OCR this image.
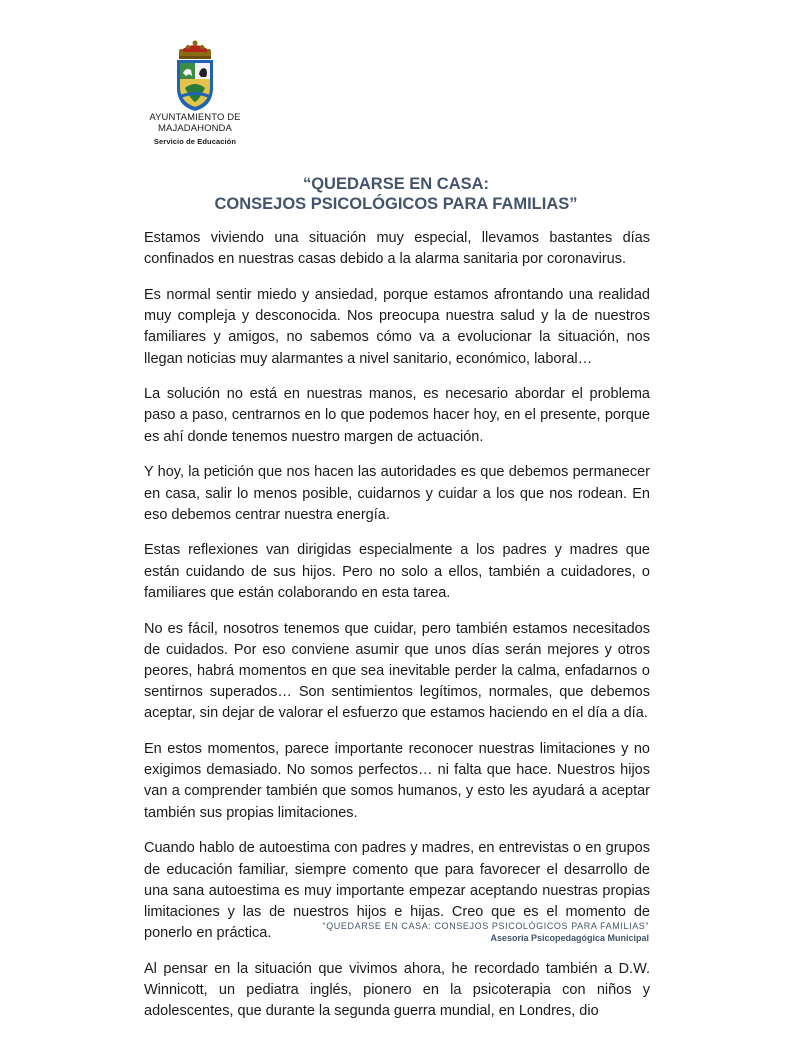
AYUNTAMIENTO DE
MAJADAHONDA
Servicio de Educación
“QUEDARSE EN CASA:
CONSEJOS PSICOLÓGICOS PARA FAMILIAS”

Estamos viviendo una situación muy especial, llevamos bastantes días confinados en nuestras casas debido a la alarma sanitaria por coronavirus.

Es normal sentir miedo y ansiedad, porque estamos afrontando una realidad muy compleja y desconocida. Nos preocupa nuestra salud y la de nuestros familiares y amigos, no sabemos cómo va a evolucionar la situación, nos llegan noticias muy alarmantes a nivel sanitario, económico, laboral…

La solución no está en nuestras manos, es necesario abordar el problema paso a paso, centrarnos en lo que podemos hacer hoy, en el presente, porque es ahí donde tenemos nuestro margen de actuación.

Y hoy, la petición que nos hacen las autoridades es que debemos permanecer en casa, salir lo menos posible, cuidarnos y cuidar a los que nos rodean. En eso debemos centrar nuestra energía.

Estas reflexiones van dirigidas especialmente a los padres y madres que están cuidando de sus hijos. Pero no solo a ellos, también a cuidadores, o familiares que están colaborando en esta tarea.

No es fácil, nosotros tenemos que cuidar, pero también estamos necesitados de cuidados. Por eso conviene asumir que unos días serán mejores y otros peores, habrá momentos en que sea inevitable perder la calma, enfadarnos o sentirnos superados… Son sentimientos legítimos, normales, que debemos aceptar, sin dejar de valorar el esfuerzo que estamos haciendo en el día a día.

En estos momentos, parece importante reconocer nuestras limitaciones y no exigimos demasiado. No somos perfectos… ni falta que hace. Nuestros hijos van a comprender también que somos humanos, y esto les ayudará a aceptar también sus propias limitaciones.

Cuando hablo de autoestima con padres y madres, en entrevistas o en grupos de educación familiar, siempre comento que para favorecer el desarrollo de una sana autoestima es muy importante empezar aceptando nuestras propias limitaciones y las de nuestros hijos e hijas. Creo que es el momento de ponerlo en práctica.

Al pensar en la situación que vivimos ahora, he recordado también a D.W. Winnicott, un pediatra inglés, pionero en la psicoterapia con niños y adolescentes, que durante la segunda guerra mundial, en Londres, dio

“QUEDARSE EN CASA: CONSEJOS PSICOLÓGICOS PARA FAMILIAS”
Asesoría Psicopedagógica Municipal
